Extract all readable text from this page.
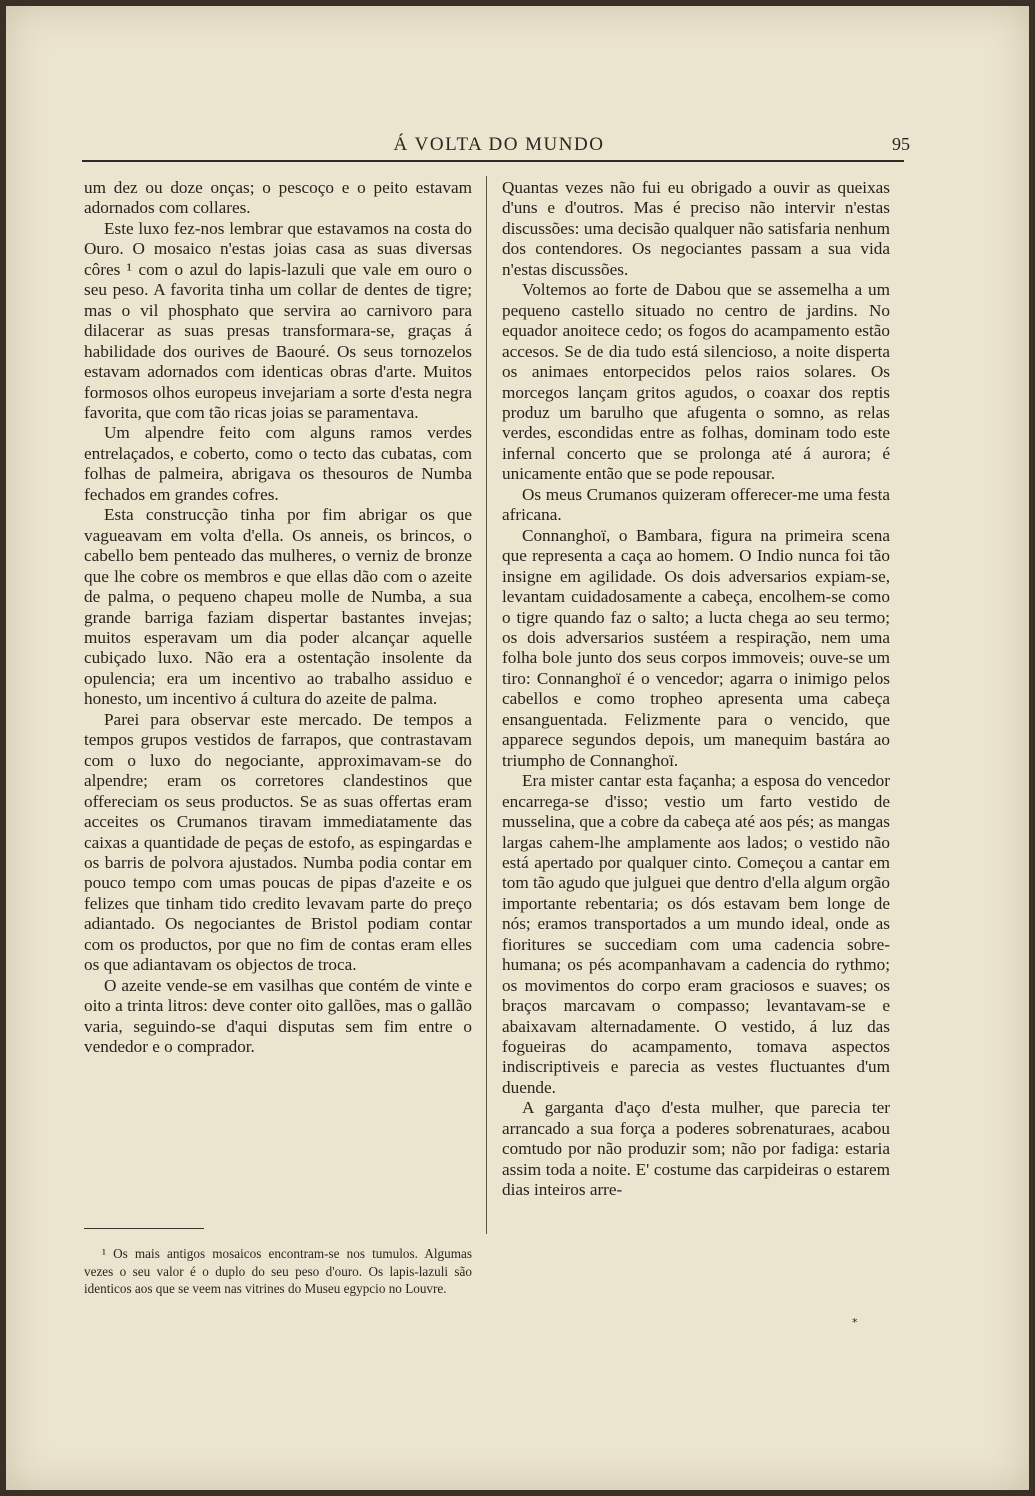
Á VOLTA DO MUNDO	95

um dez ou doze onças; o pescoço e o peito estavam adornados com collares.

Este luxo fez-nos lembrar que estavamos na costa do Ouro. O mosaico n'estas joias casa as suas diversas côres ¹ com o azul do lapis-lazuli que vale em ouro o seu peso. A favorita tinha um collar de dentes de tigre; mas o vil phosphato que servira ao carnivoro para dilacerar as suas presas transformara-se, graças á habilidade dos ourives de Baouré. Os seus tornozelos estavam adornados com identicas obras d'arte. Muitos formosos olhos europeus invejariam a sorte d'esta negra favorita, que com tão ricas joias se paramentava.

Um alpendre feito com alguns ramos verdes entrelaçados, e coberto, como o tecto das cubatas, com folhas de palmeira, abrigava os thesouros de Numba fechados em grandes cofres.

Esta construcção tinha por fim abrigar os que vagueavam em volta d'ella. Os anneis, os brincos, o cabello bem penteado das mulheres, o verniz de bronze que lhe cobre os membros e que ellas dão com o azeite de palma, o pequeno chapeu molle de Numba, a sua grande barriga faziam dispertar bastantes invejas; muitos esperavam um dia poder alcançar aquelle cubiçado luxo. Não era a ostentação insolente da opulencia; era um incentivo ao trabalho assiduo e honesto, um incentivo á cultura do azeite de palma.

Parei para observar este mercado. De tempos a tempos grupos vestidos de farrapos, que contrastavam com o luxo do negociante, approximavam-se do alpendre; eram os corretores clandestinos que offereciam os seus productos. Se as suas offertas eram acceites os Crumanos tiravam immediatamente das caixas a quantidade de peças de estofo, as espingardas e os barris de polvora ajustados. Numba podia contar em pouco tempo com umas poucas de pipas d'azeite e os felizes que tinham tido credito levavam parte do preço adiantado. Os negociantes de Bristol podiam contar com os productos, por que no fim de contas eram elles os que adiantavam os objectos de troca.

O azeite vende-se em vasilhas que contém de vinte e oito a trinta litros: deve conter oito gallões, mas o gallão varia, seguindo-se d'aqui disputas sem fim entre o vendedor e o comprador.

¹ Os mais antigos mosaicos encontram-se nos tumulos. Algumas vezes o seu valor é o duplo do seu peso d'ouro. Os lapis-lazuli são identicos aos que se veem nas vitrines do Museu egypcio no Louvre.

Quantas vezes não fui eu obrigado a ouvir as queixas d'uns e d'outros. Mas é preciso não intervir n'estas discussões: uma decisão qualquer não satisfaria nenhum dos contendores. Os negociantes passam a sua vida n'estas discussões.

Voltemos ao forte de Dabou que se assemelha a um pequeno castello situado no centro de jardins. No equador anoitece cedo; os fogos do acampamento estão accesos. Se de dia tudo está silencioso, a noite disperta os animaes entorpecidos pelos raios solares. Os morcegos lançam gritos agudos, o coaxar dos reptis produz um barulho que afugenta o somno, as relas verdes, escondidas entre as folhas, dominam todo este infernal concerto que se prolonga até á aurora; é unicamente então que se pode repousar.

Os meus Crumanos quizeram offerecer-me uma festa africana.

Connanghoï, o Bambara, figura na primeira scena que representa a caça ao homem. O Indio nunca foi tão insigne em agilidade. Os dois adversarios expiam-se, levantam cuidadosamente a cabeça, encolhem-se como o tigre quando faz o salto; a lucta chega ao seu termo; os dois adversarios sustéem a respiração, nem uma folha bole junto dos seus corpos immoveis; ouve-se um tiro: Connanghoï é o vencedor; agarra o inimigo pelos cabellos e como tropheo apresenta uma cabeça ensanguentada. Felizmente para o vencido, que apparece segundos depois, um manequim bastára ao triumpho de Connanghoï.

Era mister cantar esta façanha; a esposa do vencedor encarrega-se d'isso; vestio um farto vestido de musselina, que a cobre da cabeça até aos pés; as mangas largas cahem-lhe amplamente aos lados; o vestido não está apertado por qualquer cinto. Começou a cantar em tom tão agudo que julguei que dentro d'ella algum orgão importante rebentaria; os dós estavam bem longe de nós; eramos transportados a um mundo ideal, onde as fioritures se succediam com uma cadencia sobre-humana; os pés acompanhavam a cadencia do rythmo; os movimentos do corpo eram graciosos e suaves; os braços marcavam o compasso; levantavam-se e abaixavam alternadamente. O vestido, á luz das fogueiras do acampamento, tomava aspectos indiscriptiveis e parecia as vestes fluctuantes d'um duende.

A garganta d'aço d'esta mulher, que parecia ter arrancado a sua força a poderes sobrenaturaes, acabou comtudo por não produzir som; não por fadiga: estaria assim toda a noite. E' costume das carpideiras o estarem dias inteiros arre-

*
